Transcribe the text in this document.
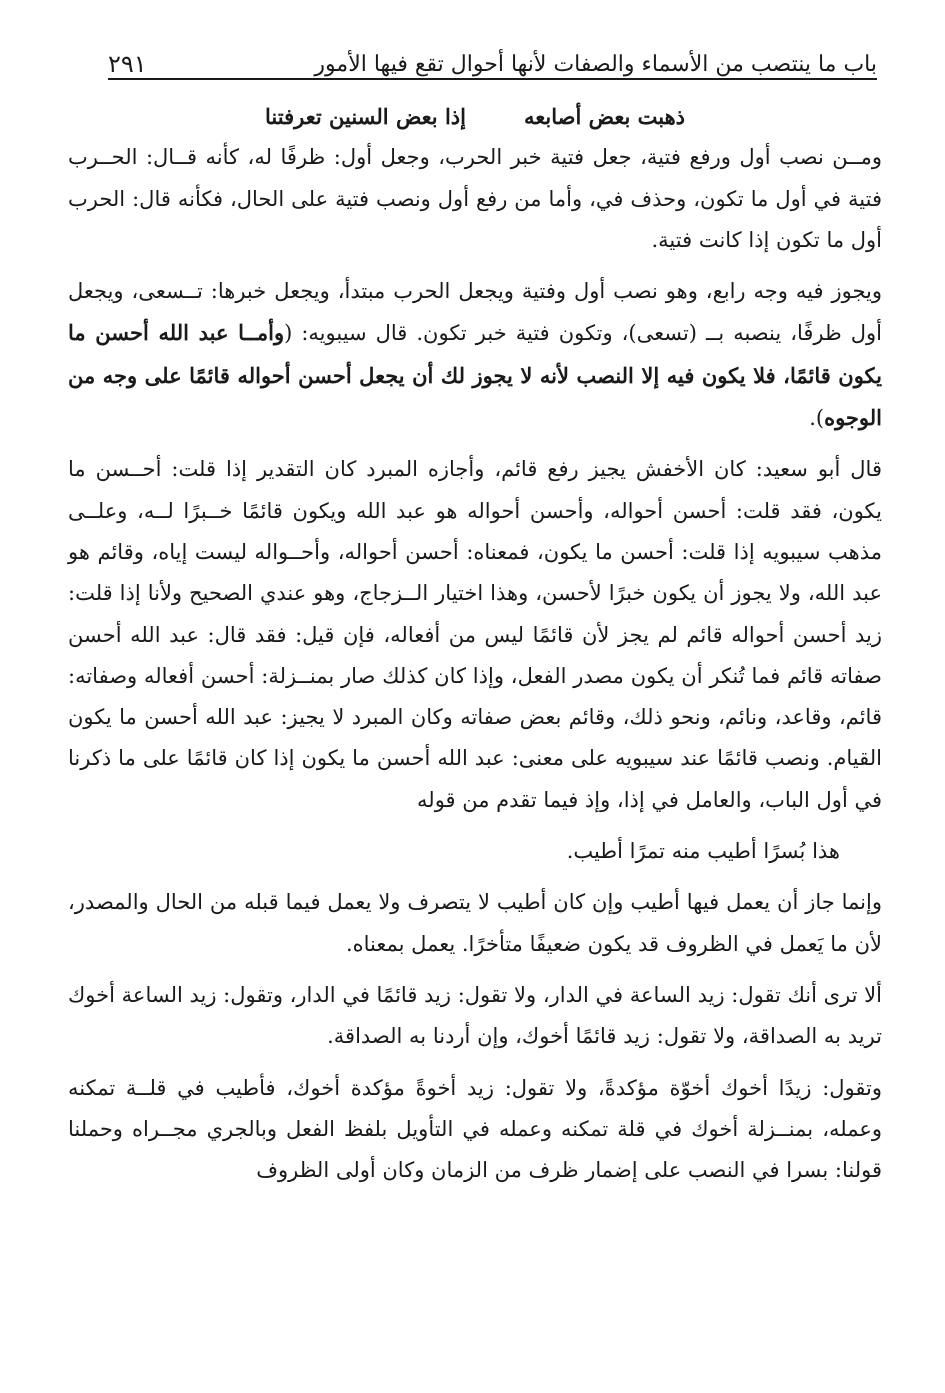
باب ما ينتصب من الأسماء والصفات لأنها أحوال تقع فيها الأمور
٢٩١
ذهبت بعض أصابعه
إذا بعض السنين تعرفتنا

ومــن نصب أول ورفع فتية، جعل فتية خبر الحرب، وجعل أول: ظرفًا له، كأنه قــال: الحــرب فتية في أول ما تكون، وحذف في، وأما من رفع أول ونصب فتية على الحال، فكأنه قال: الحرب أول ما تكون إذا كانت فتية.

ويجوز فيه وجه رابع، وهو نصب أول وفتية ويجعل الحرب مبتدأ، ويجعل خبرها: تــسعى، ويجعل أول ظرفًا، ينصبه بــ (تسعى)، وتكون فتية خبر تكون. قال سيبويه: (وأمــا عبد الله أحسن ما يكون قائمًا، فلا يكون فيه إلا النصب لأنه لا يجوز لك أن يجعل أحسن أحواله قائمًا على وجه من الوجوه).

قال أبو سعيد: كان الأخفش يجيز رفع قائم، وأجازه المبرد كان التقدير إذا قلت: أحــسن ما يكون، فقد قلت: أحسن أحواله، وأحسن أحواله هو عبد الله ويكون قائمًا خــبرًا لــه، وعلــى مذهب سيبويه إذا قلت: أحسن ما يكون، فمعناه: أحسن أحواله، وأحــواله ليست إياه، وقائم هو عبد الله، ولا يجوز أن يكون خبرًا لأحسن، وهذا اختيار الــزجاج، وهو عندي الصحيح ولأنا إذا قلت: زيد أحسن أحواله قائم لم يجز لأن قائمًا ليس من أفعاله، فإن قيل: فقد قال: عبد الله أحسن صفاته قائم فما تُنكر أن يكون مصدر الفعل، وإذا كان كذلك صار بمنــزلة: أحسن أفعاله وصفاته: قائم، وقاعد، ونائم، ونحو ذلك، وقائم بعض صفاته وكان المبرد لا يجيز: عبد الله أحسن ما يكون القيام. ونصب قائمًا عند سيبويه على معنى: عبد الله أحسن ما يكون إذا كان قائمًا على ما ذكرنا في أول الباب، والعامل في إذا، وإذ فيما تقدم من قوله

هذا بُسرًا أطيب منه تمرًا أطيب.

وإنما جاز أن يعمل فيها أطيب وإن كان أطيب لا يتصرف ولا يعمل فيما قبله من الحال والمصدر، لأن ما يَعمل في الظروف قد يكون ضعيفًا متأخرًا. يعمل بمعناه.

ألا ترى أنك تقول: زيد الساعة في الدار، ولا تقول: زيد قائمًا في الدار، وتقول: زيد الساعة أخوك تريد به الصداقة، ولا تقول: زيد قائمًا أخوك، وإن أردنا به الصداقة.

وتقول: زيدًا أخوك أخوّة مؤكدةً، ولا تقول: زيد أخوةً مؤكدة أخوك، فأطيب في قلــة تمكنه وعمله، بمنــزلة أخوك في قلة تمكنه وعمله في التأويل بلفظ الفعل وبالجري مجــراه وحملنا قولنا: بسرا في النصب على إضمار ظرف من الزمان وكان أولى الظروف
